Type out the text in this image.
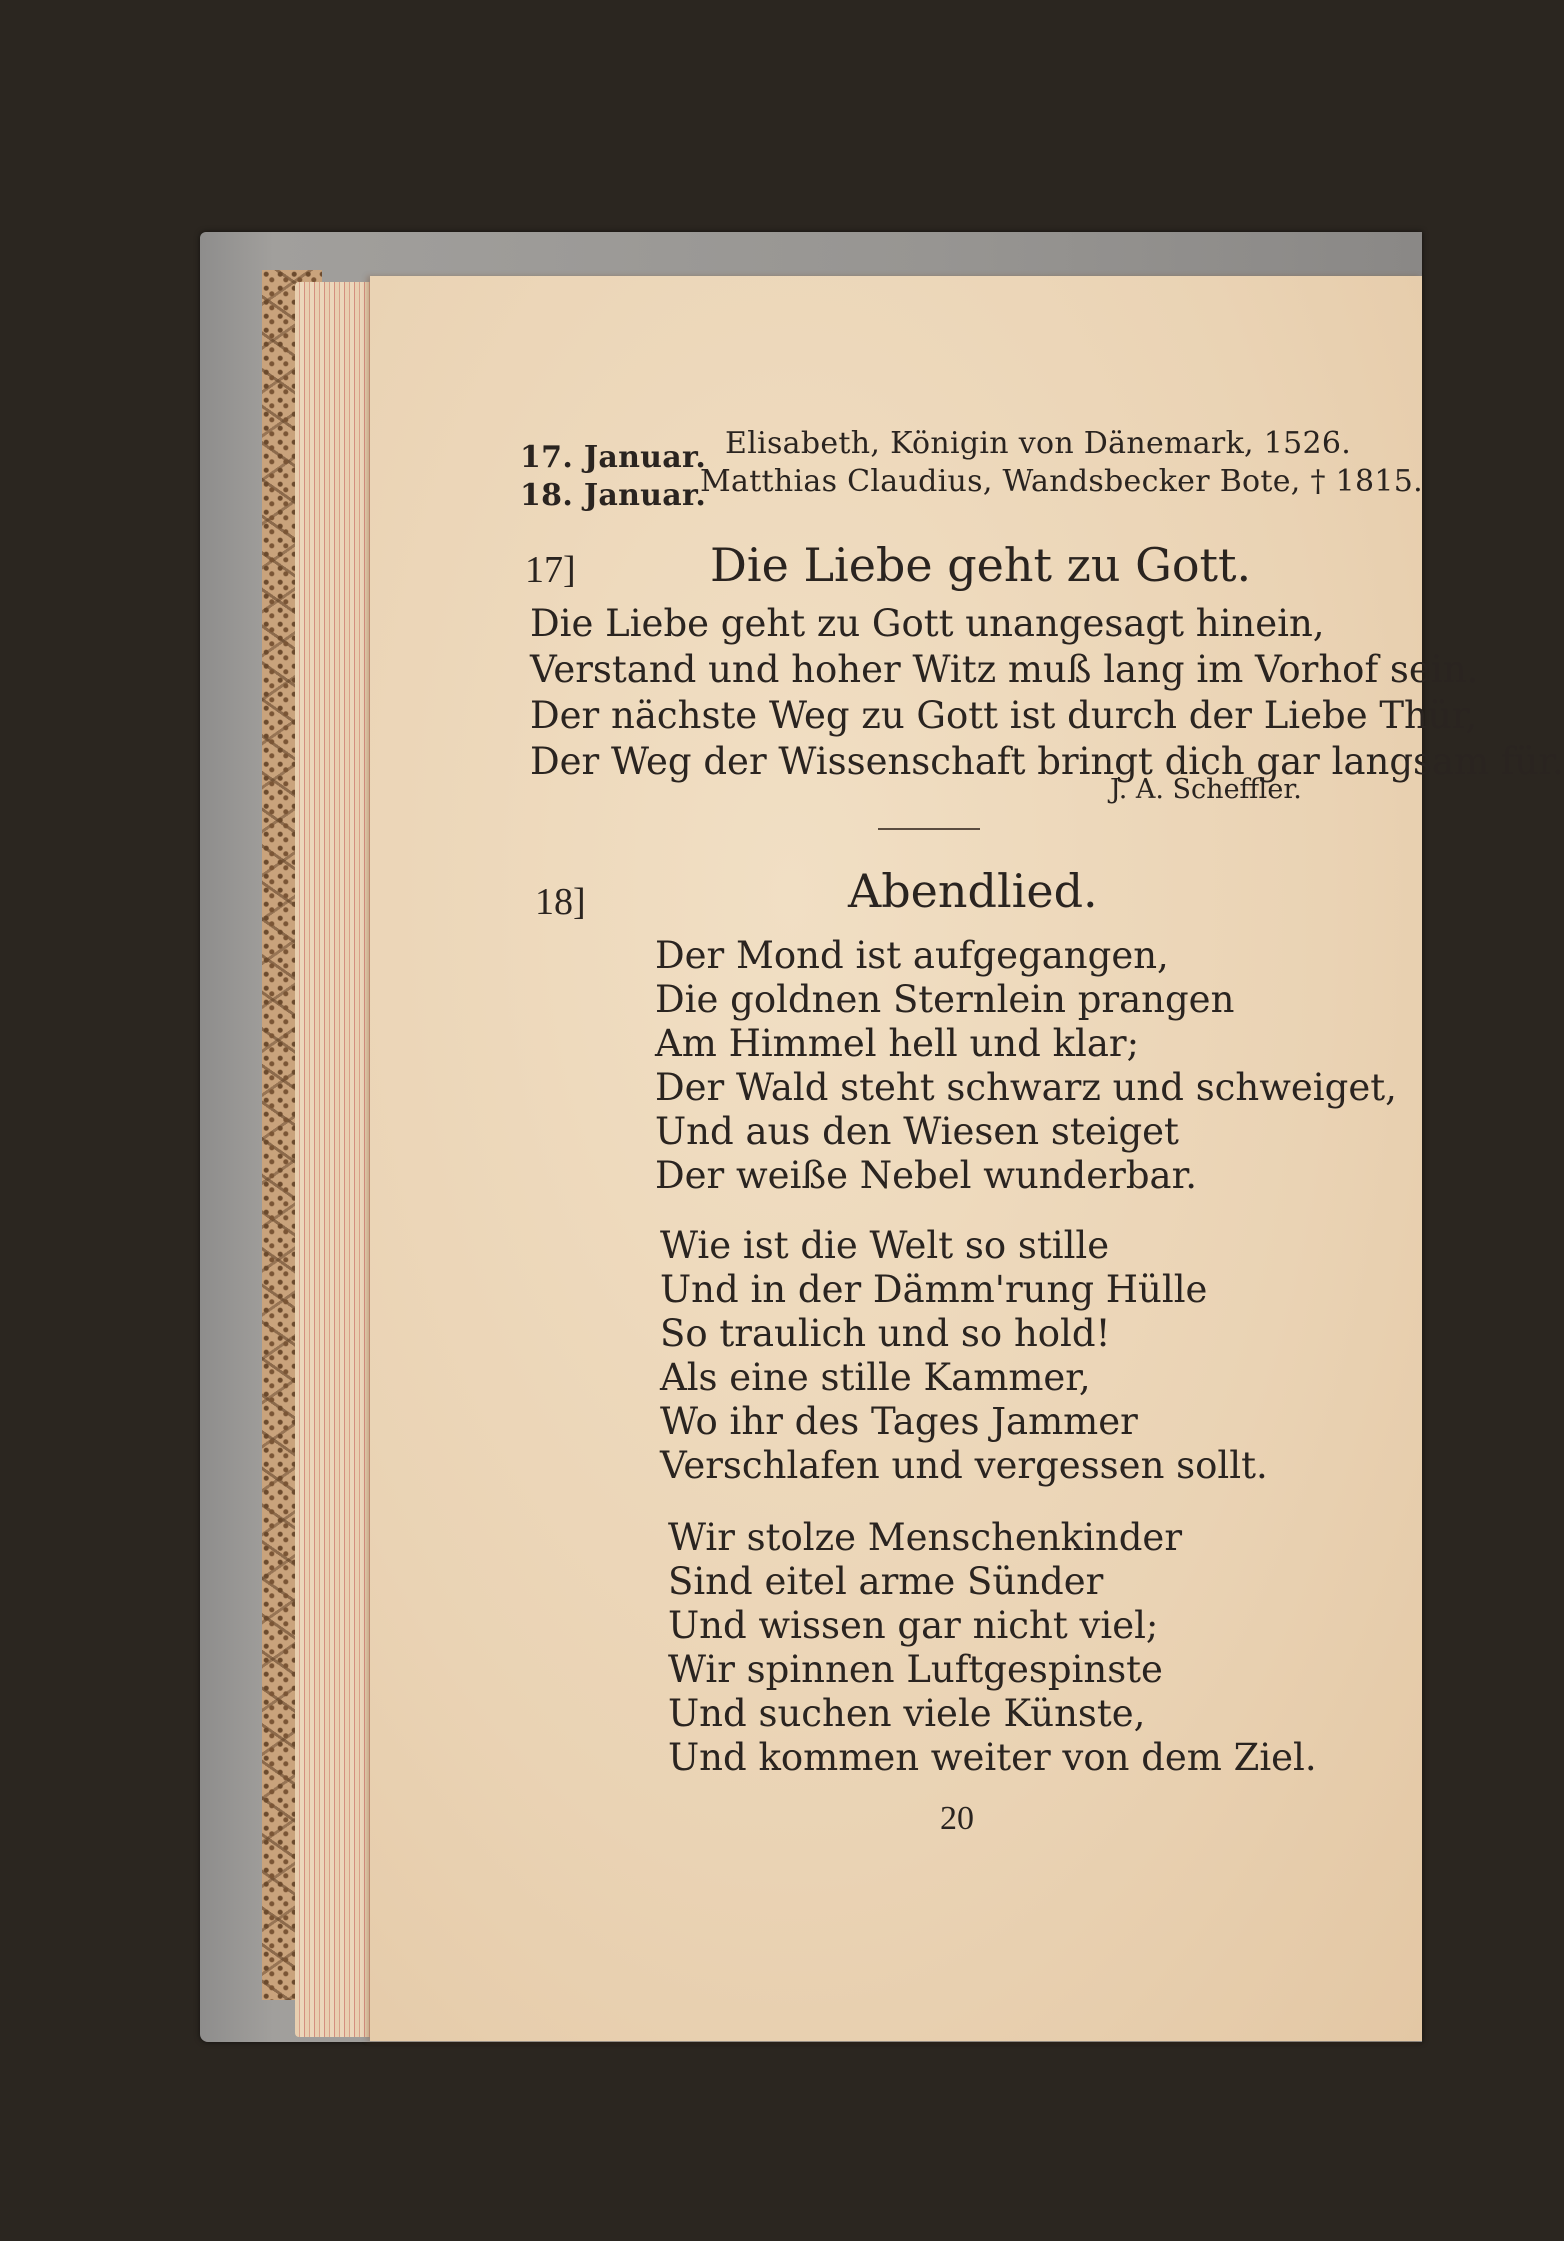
17. Januar. Elisabeth, Königin von Dänemark, 1526.
18. Januar.
Matthias Claudius, Wandsbecker Bote, † 1815.
17]	Die Liebe geht zu Gott.
Die Liebe geht zu Gott unangesagt hinein,
Verstand und hoher Witz muß lang im Vorhof sein.
Der nächste Weg zu Gott ist durch der Liebe Thür,
Der Weg der Wissenschaft bringt dich gar langsam für.
J. A. Scheffler.
18]	Abendlied.
Der Mond ist aufgegangen,
Die goldnen Sternlein prangen
Am Himmel hell und klar;
Der Wald steht schwarz und schweiget,
Und aus den Wiesen steiget
Der weiße Nebel wunderbar.
Wie ist die Welt so stille
Und in der Dämm'rung Hülle
So traulich und so hold!
Als eine stille Kammer,
Wo ihr des Tages Jammer
Verschlafen und vergessen sollt.
Wir stolze Menschenkinder
Sind eitel arme Sünder
Und wissen gar nicht viel;
Wir spinnen Luftgespinste
Und suchen viele Künste,
Und kommen weiter von dem Ziel.
20
